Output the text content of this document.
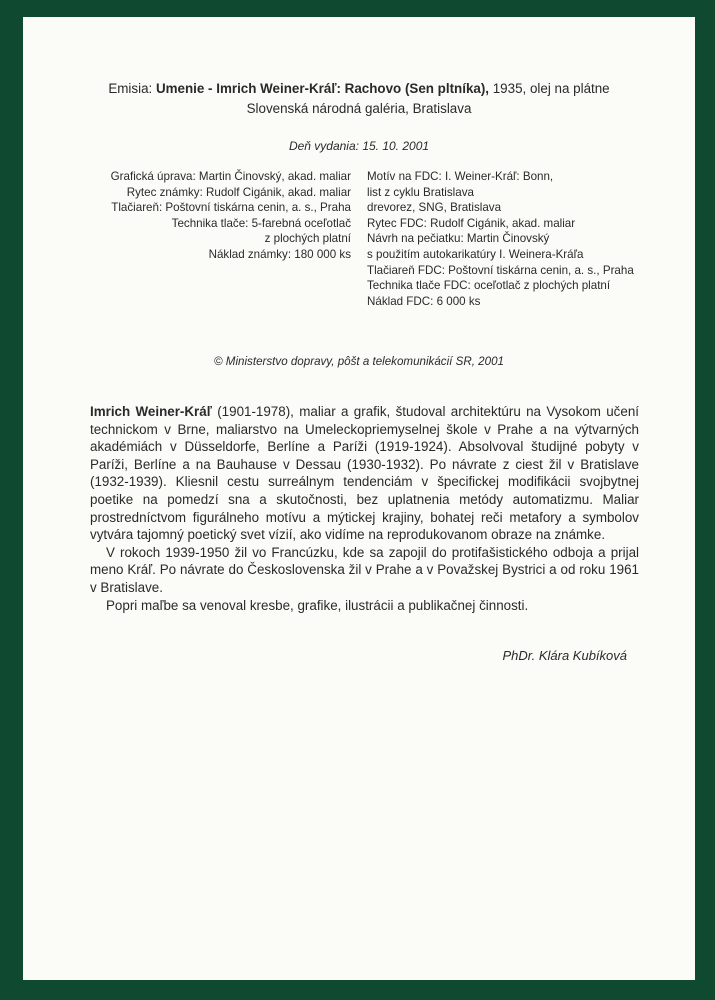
Emisia: Umenie - Imrich Weiner-Kráľ: Rachovo (Sen pltníka), 1935, olej na plátne
Slovenská národná galéria, Bratislava
Deň vydania: 15. 10. 2001
Grafická úprava: Martin Činovský, akad. maliar
Rytec známky: Rudolf Cigánik, akad. maliar
Tlačiareň: Poštovní tiskárna cenin, a. s., Praha
Technika tlače: 5-farebná oceľotlač
z plochých platní
Náklad známky: 180 000 ks
Motív na FDC: I. Weiner-Kráľ: Bonn,
list z cyklu Bratislava
drevorez, SNG, Bratislava
Rytec FDC: Rudolf Cigánik, akad. maliar
Návrh na pečiatku: Martin Činovský
s použitím autokarikatúry I. Weinera-Kráľa
Tlačiareň FDC: Poštovní tiskárna cenin, a. s., Praha
Technika tlače FDC: oceľotlač z plochých platní
Náklad FDC: 6 000 ks
© Ministerstvo dopravy, pôšt a telekomunikácií SR, 2001

Imrich Weiner-Kráľ (1901-1978), maliar a grafik, študoval architektúru na Vysokom učení technickom v Brne, maliarstvo na Umeleckopriemyselnej škole v Prahe a na výtvarných akadémiách v Düsseldorfe, Berlíne a Paríži (1919-1924). Absolvoval študijné pobyty v Paríži, Berlíne a na Bauhause v Dessau (1930-1932). Po návrate z ciest žil v Bratislave (1932-1939). Kliesnil cestu surreálnym tendenciám v špecifickej modifikácii svojbytnej poetike na pomedzí sna a skutočnosti, bez uplatnenia metódy automatizmu. Maliar prostredníctvom figurálneho motívu a mýtickej krajiny, bohatej reči metafory a symbolov vytvára tajomný poetický svet vízií, ako vidíme na reprodukovanom obraze na známke.

V rokoch 1939-1950 žil vo Francúzku, kde sa zapojil do protifašistického odboja a prijal meno Kráľ. Po návrate do Československa žil v Prahe a v Považskej Bystrici a od roku 1961 v Bratislave.

Popri maľbe sa venoval kresbe, grafike, ilustrácii a publikačnej činnosti.

PhDr. Klára Kubíková
